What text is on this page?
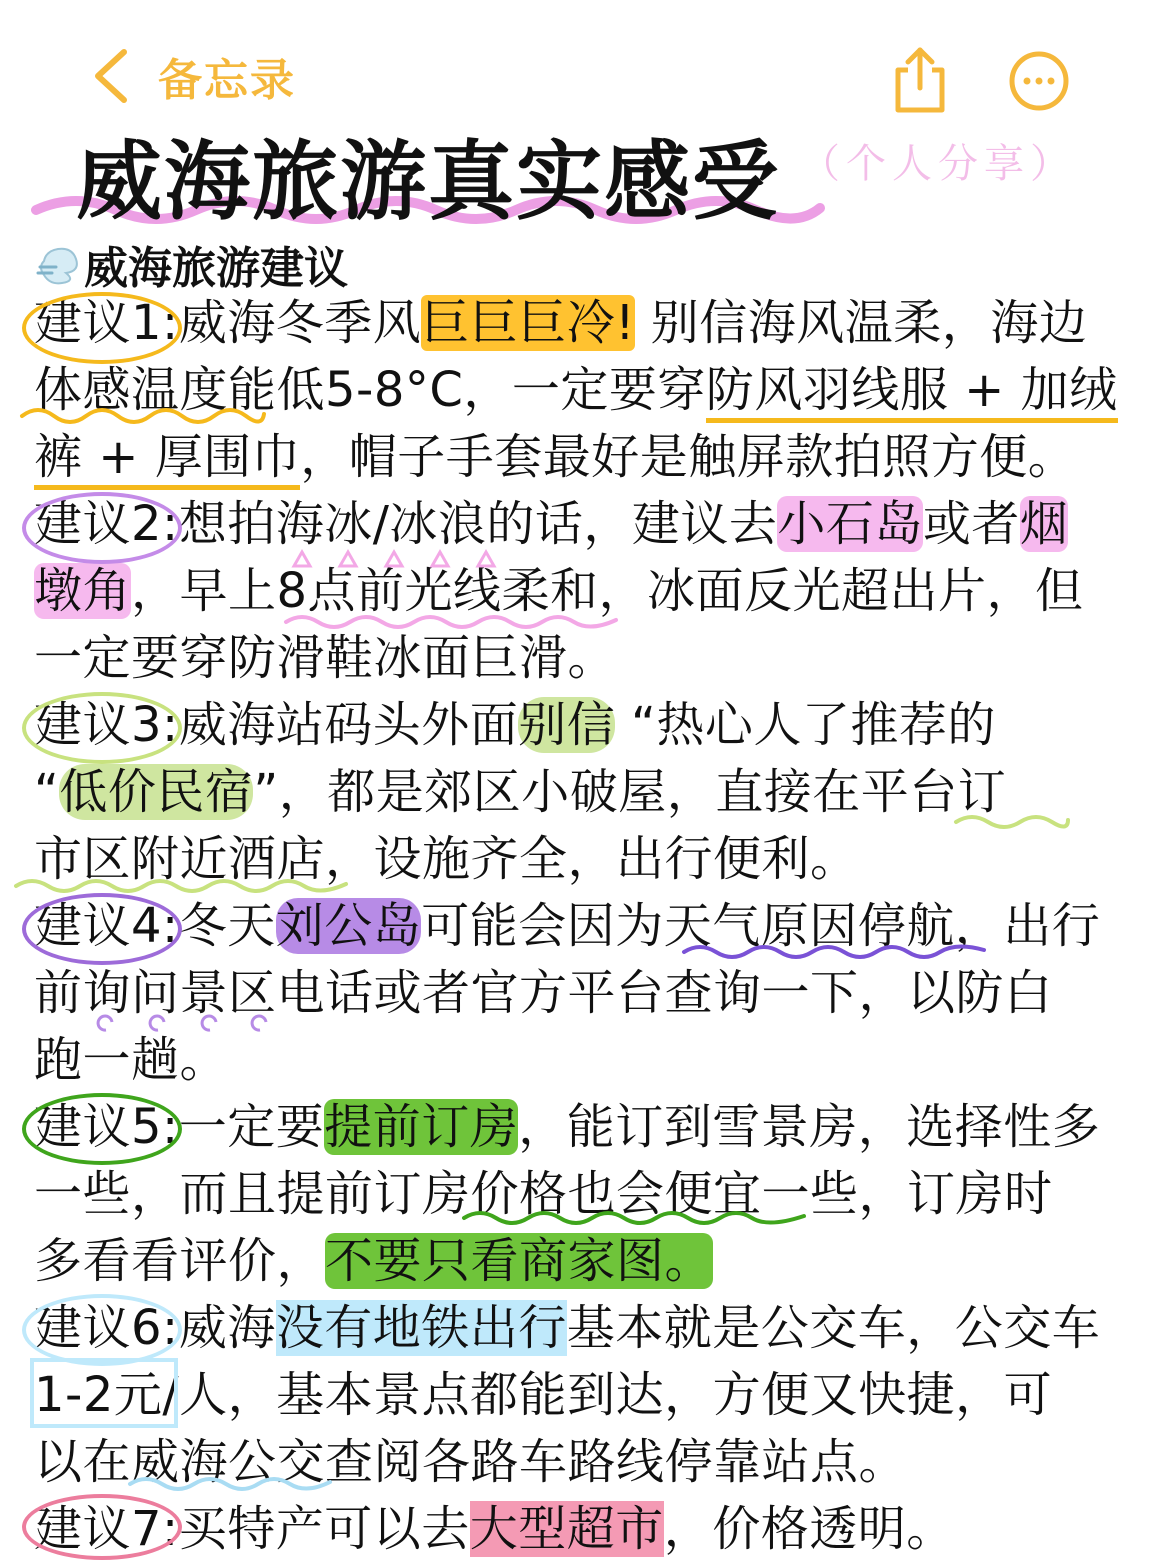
备忘录
威海旅游真实感受 （个人分享）
威海旅游建议
建议1:威海冬季风巨巨巨冷! 别信海风温柔，海边
体感温度能低5-8°C，一定要穿防风羽线服 + 加绒
裤 + 厚围巾，帽子手套最好是触屏款拍照方便。
建议2:想拍海冰/冰浪的话，建议去小石岛或者烟
墩角，早上8点前光线柔和，冰面反光超出片，但
一定要穿防滑鞋冰面巨滑。
建议3:威海站码头外面别信 “热心人了推荐的
“低价民宿”，都是郊区小破屋，直接在平台订
市区附近酒店，设施齐全，出行便利。
建议4:冬天刘公岛可能会因为天气原因停航，出行
前询问景区电话或者官方平台查询一下，以防白
跑一趟。
建议5:一定要提前订房，能订到雪景房，选择性多
一些，而且提前订房价格也会便宜一些，订房时
多看看评价，不要只看商家图。
建议6:威海没有地铁出行基本就是公交车，公交车
1-2元/人，基本景点都能到达，方便又快捷，可
以在威海公交查阅各路车路线停靠站点。
建议7:买特产可以去大型超市，价格透明。
